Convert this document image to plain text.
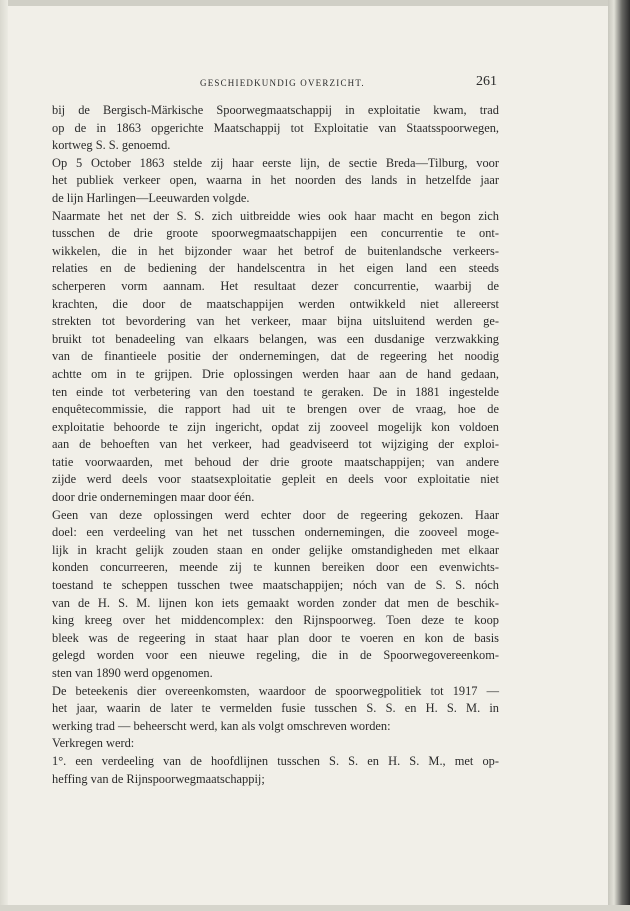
GESCHIEDKUNDIG OVERZICHT.	261
bij de Bergisch-Märkische Spoorwegmaatschappij in exploitatie kwam, trad
op de in 1863 opgerichte Maatschappij tot Exploitatie van Staatsspoorwegen,
kortweg S. S. genoemd.
Op 5 October 1863 stelde zij haar eerste lijn, de sectie Breda—Tilburg, voor
het publiek verkeer open, waarna in het noorden des lands in hetzelfde jaar
de lijn Harlingen—Leeuwarden volgde.
Naarmate het net der S. S. zich uitbreidde wies ook haar macht en begon zich
tusschen de drie groote spoorwegmaatschappijen een concurrentie te ont-
wikkelen, die in het bijzonder waar het betrof de buitenlandsche verkeers-
relaties en de bediening der handelscentra in het eigen land een steeds
scherperen vorm aannam. Het resultaat dezer concurrentie, waarbij de
krachten, die door de maatschappijen werden ontwikkeld niet allereerst
strekten tot bevordering van het verkeer, maar bijna uitsluitend werden ge-
bruikt tot benadeeling van elkaars belangen, was een dusdanige verzwakking
van de finantieele positie der ondernemingen, dat de regeering het noodig
achtte om in te grijpen. Drie oplossingen werden haar aan de hand gedaan,
ten einde tot verbetering van den toestand te geraken. De in 1881 ingestelde
enquêtecommissie, die rapport had uit te brengen over de vraag, hoe de
exploitatie behoorde te zijn ingericht, opdat zij zooveel mogelijk kon voldoen
aan de behoeften van het verkeer, had geadviseerd tot wijziging der exploi-
tatie voorwaarden, met behoud der drie groote maatschappijen; van andere
zijde werd deels voor staatsexploitatie gepleit en deels voor exploitatie niet
door drie ondernemingen maar door één.
Geen van deze oplossingen werd echter door de regeering gekozen. Haar
doel: een verdeeling van het net tusschen ondernemingen, die zooveel moge-
lijk in kracht gelijk zouden staan en onder gelijke omstandigheden met elkaar
konden concurreeren, meende zij te kunnen bereiken door een evenwichts-
toestand te scheppen tusschen twee maatschappijen; nóch van de S. S. nóch
van de H. S. M. lijnen kon iets gemaakt worden zonder dat men de beschik-
king kreeg over het middencomplex: den Rijnspoorweg. Toen deze te koop
bleek was de regeering in staat haar plan door te voeren en kon de basis
gelegd worden voor een nieuwe regeling, die in de Spoorwegovereenkom-
sten van 1890 werd opgenomen.
De beteekenis dier overeenkomsten, waardoor de spoorwegpolitiek tot 1917 —
het jaar, waarin de later te vermelden fusie tusschen S. S. en H. S. M. in
werking trad — beheerscht werd, kan als volgt omschreven worden:
Verkregen werd:
1°. een verdeeling van de hoofdlijnen tusschen S. S. en H. S. M., met op-
heffing van de Rijnspoorwegmaatschappij;
